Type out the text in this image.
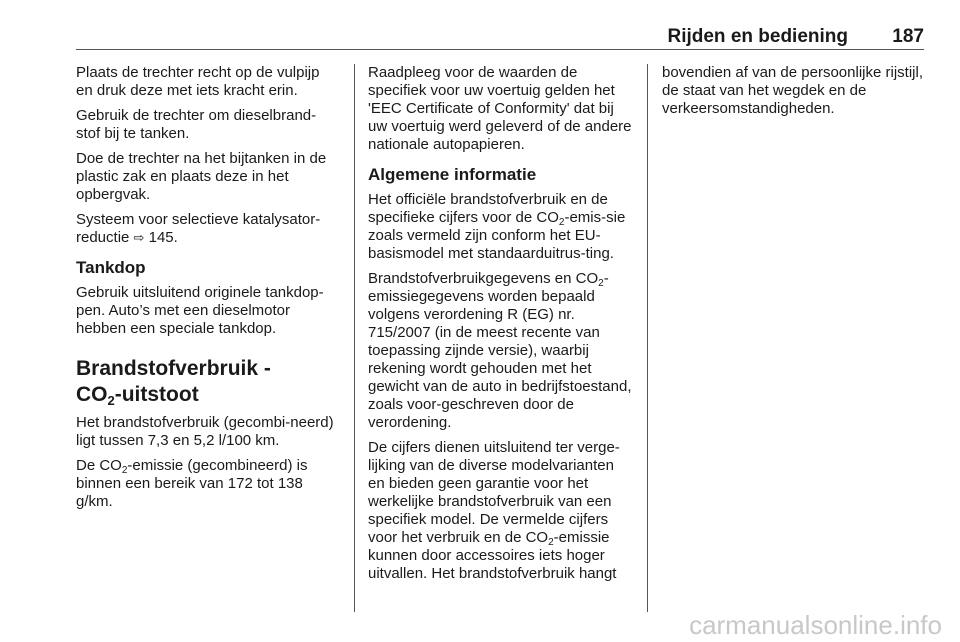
Rijden en bediening 187

Plaats de trechter recht op de vulpijp en druk deze met iets kracht erin.

Gebruik de trechter om dieselbrand-stof bij te tanken.

Doe de trechter na het bijtanken in de plastic zak en plaats deze in het opbergvak.

Systeem voor selectieve katalysator-reductie ⇨ 145.

Tankdop

Gebruik uitsluitend originele tankdop-pen. Auto’s met een dieselmotor hebben een speciale tankdop.

Brandstofverbruik -
$CO_2$-uitstoot

Het brandstofverbruik (gecombi-neerd) ligt tussen 7,3 en 5,2 l/100 km.

De $CO_2$-emissie (gecombineerd) is binnen een bereik van 172 tot 138 g/km.

Raadpleeg voor de waarden de specifiek voor uw voertuig gelden het 'EEC Certificate of Conformity' dat bij uw voertuig werd geleverd of de andere nationale autopapieren.

Algemene informatie

Het officiële brandstofverbruik en de specifieke cijfers voor de $CO_2-emis$-sie zoals vermeld zijn conform het EU-basismodel met standaarduitrus-ting.

Brandstofverbruikgegevens en $CO_2$-emissiegegevens worden bepaald volgens verordening R (EG) nr. 715/2007 (in de meest recente van toepassing zijnde versie), waarbij rekening wordt gehouden met het gewicht van de auto in bedrijfstoestand, zoals voor-geschreven door de verordening.

De cijfers dienen uitsluitend ter verge-lijking van de diverse modelvarianten en bieden geen garantie voor het werkelijke brandstofverbruik van een specifiek model. De vermelde cijfers voor het verbruik en de $CO_2$-emissie kunnen door accessoires iets hoger uitvallen. Het brandstofverbruik hangt

bovendien af van de persoonlijke rijstijl, de staat van het wegdek en de verkeersomstandigheden.

carmanualsonline.info
